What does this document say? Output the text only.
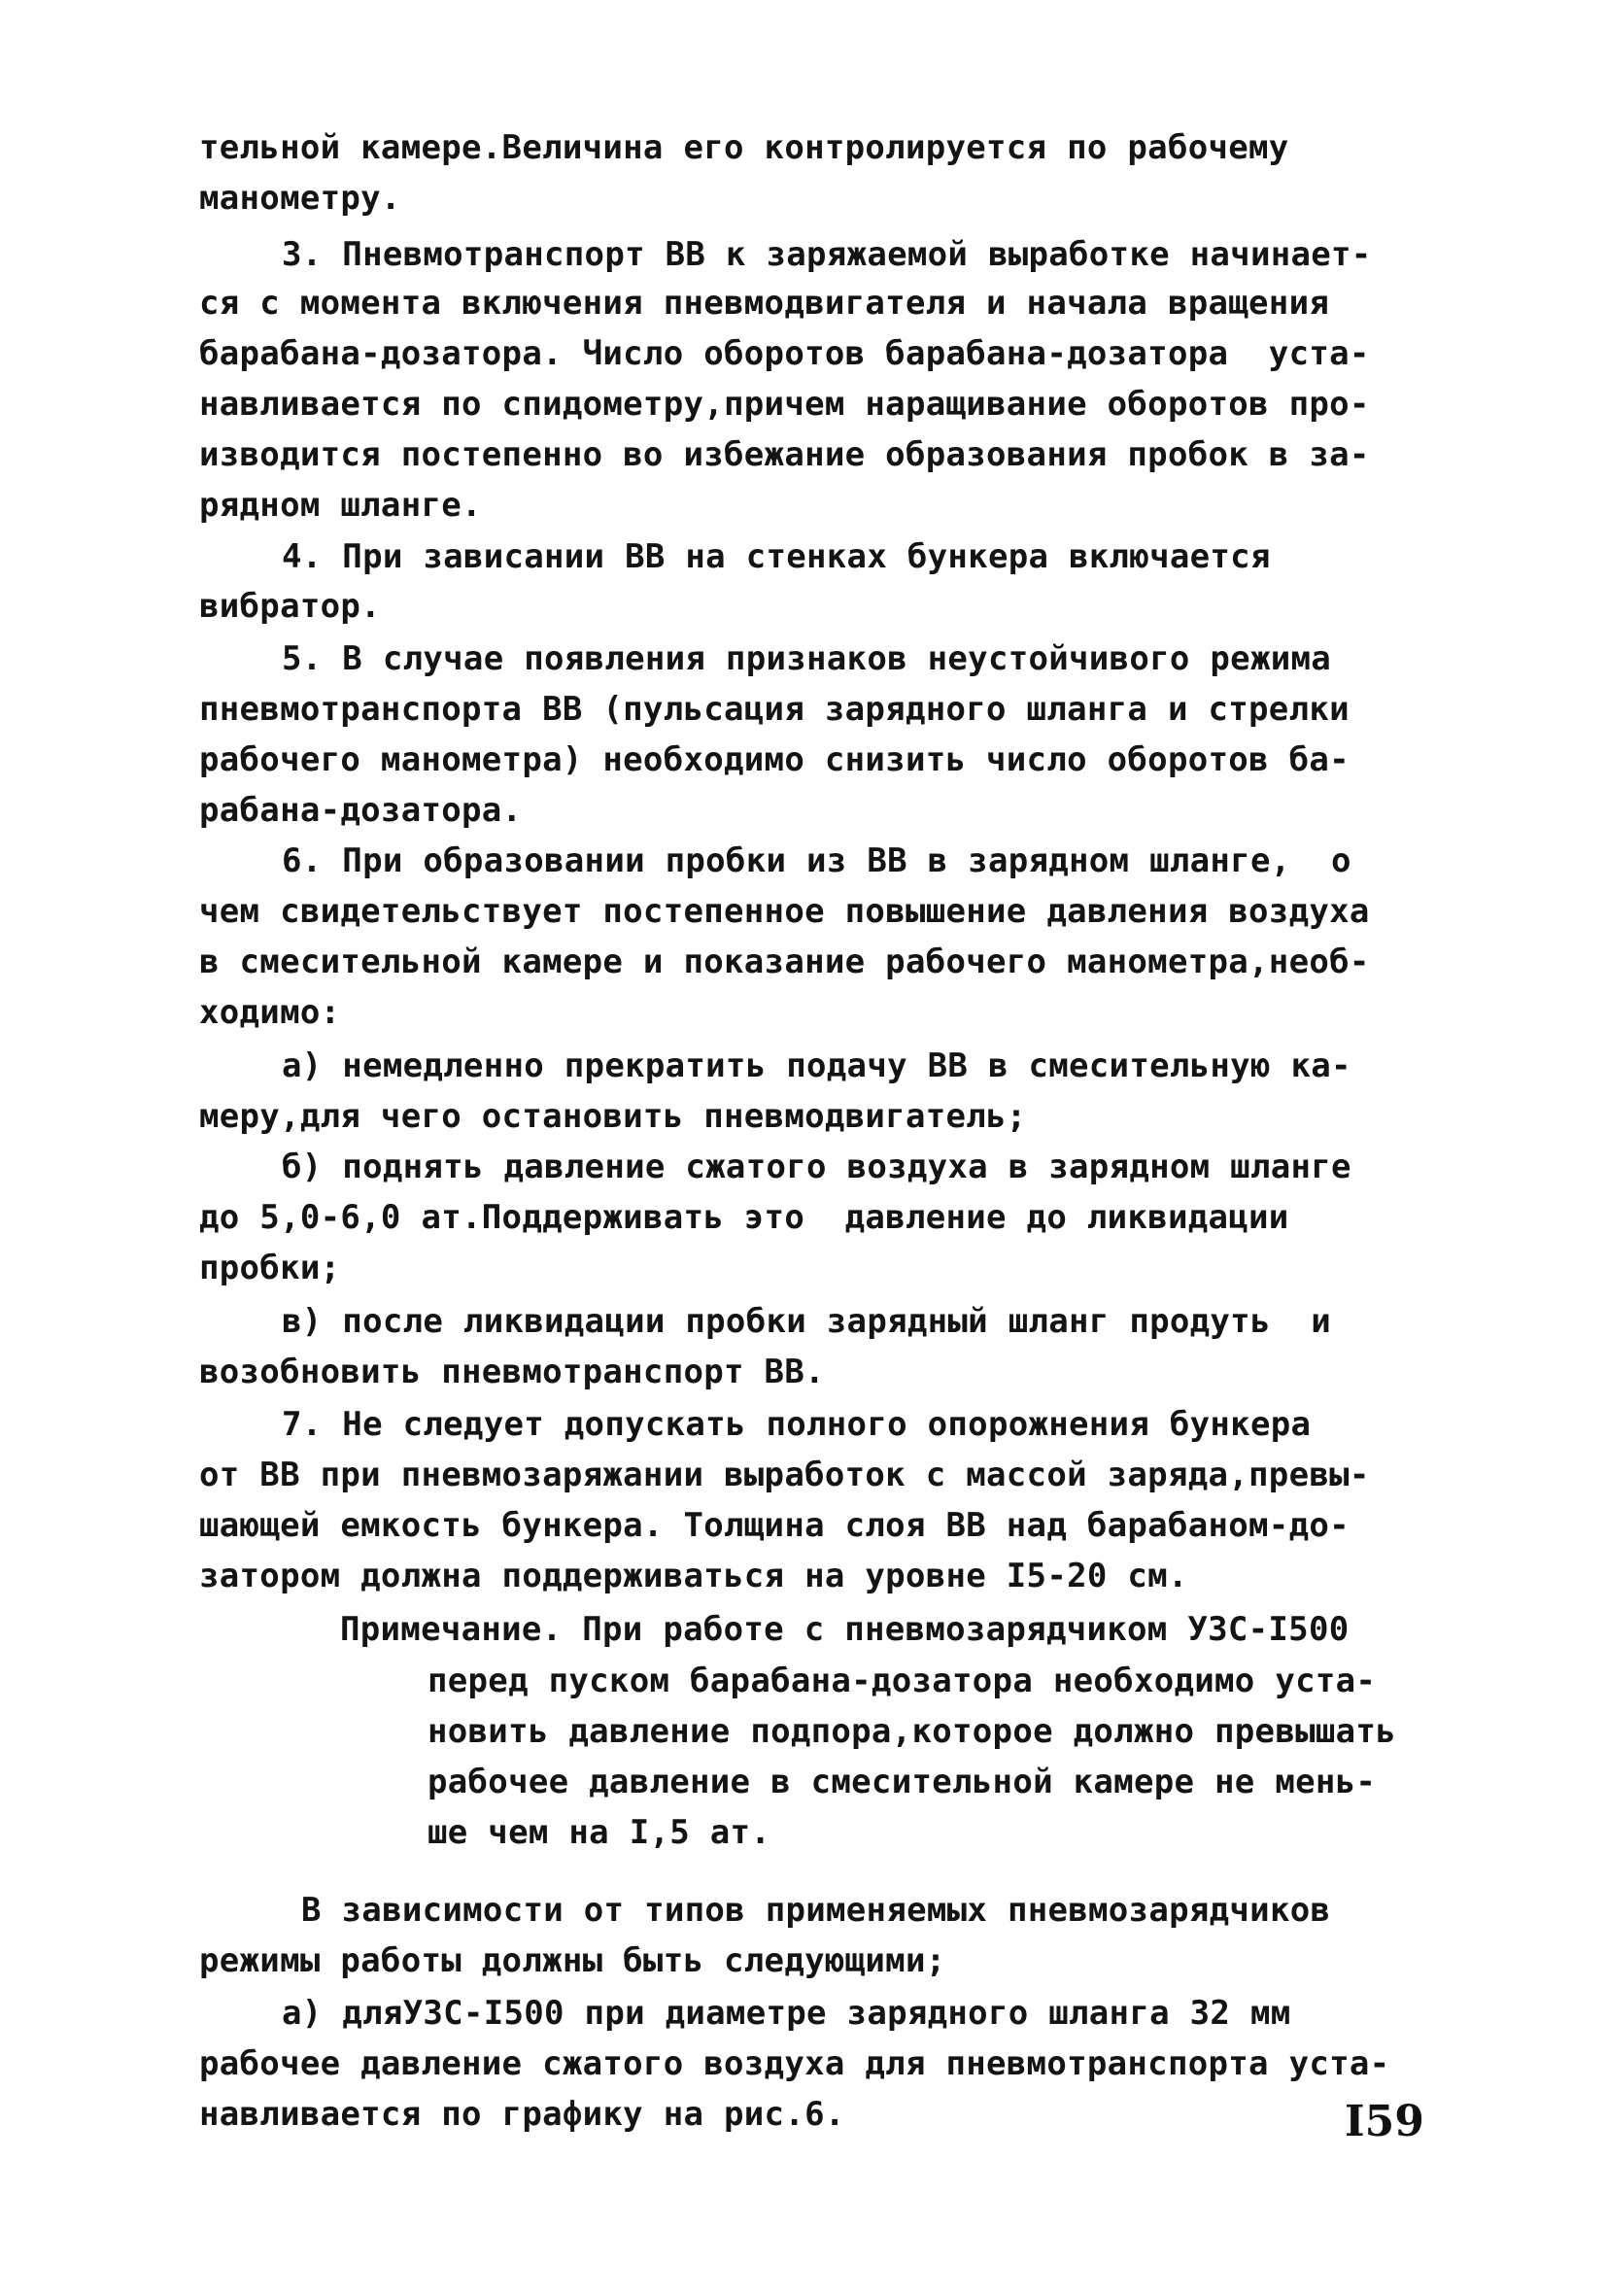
тельной камере.Величина его контролируется по рабочему
манометру.
3. Пневмотранспорт ВВ к заряжаемой выработке начинает-
ся с момента включения пневмодвигателя и начала вращения
барабана-дозатора. Число оборотов барабана-дозатора  уста-
навливается по спидометру,причем наращивание оборотов про-
изводится постепенно во избежание образования пробок в за-
рядном шланге.
4. При зависании ВВ на стенках бункера включается
вибратор.
5. В случае появления признаков неустойчивого режима
пневмотранспорта ВВ (пульсация зарядного шланга и стрелки
рабочего манометра) необходимо снизить число оборотов ба-
рабана-дозатора.
6. При образовании пробки из ВВ в зарядном шланге,  о
чем свидетельствует постепенное повышение давления воздуха
в смесительной камере и показание рабочего манометра,необ-
ходимо:
а) немедленно прекратить подачу ВВ в смесительную ка-
меру,для чего остановить пневмодвигатель;
б) поднять давление сжатого воздуха в зарядном шланге
до 5,0-6,0 ат.Поддерживать это  давление до ликвидации
пробки;
в) после ликвидации пробки зарядный шланг продуть  и
возобновить пневмотранспорт ВВ.
7. Не следует допускать полного опорожнения бункера
от ВВ при пневмозаряжании выработок с массой заряда,превы-
шающей емкость бункера. Толщина слоя ВВ над барабаном-до-
затором должна поддерживаться на уровне I5-20 см.
Примечание. При работе с пневмозарядчиком УЗС-I500
перед пуском барабана-дозатора необходимо уста-
новить давление подпора,которое должно превышать
рабочее давление в смесительной камере не мень-
ше чем на I,5 ат.
В зависимости от типов применяемых пневмозарядчиков
режимы работы должны быть следующими;
а) дляУЗС-I500 при диаметре зарядного шланга 32 мм
рабочее давление сжатого воздуха для пневмотранспорта уста-
навливается по графику на рис.6.	I59
